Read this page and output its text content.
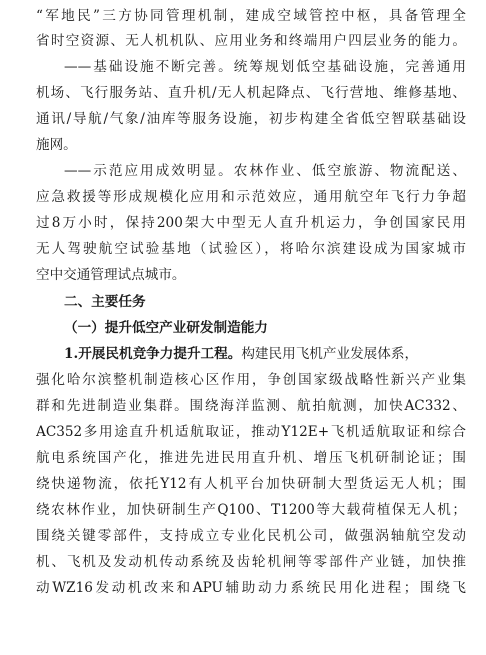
“军地民”三方协同管理机制，建成空域管控中枢，具备管理全
省时空资源、无人机机队、应用业务和终端用户四层业务的能力。
——基础设施不断完善。统筹规划低空基础设施，完善通用
机场、飞行服务站、直升机/无人机起降点、飞行营地、维修基地、
通讯/导航/气象/油库等服务设施，初步构建全省低空智联基础设
施网。
——示范应用成效明显。农林作业、低空旅游、物流配送、
应急救援等形成规模化应用和示范效应，通用航空年飞行力争超
过8万小时，保持200架大中型无人直升机运力，争创国家民用
无人驾驶航空试验基地（试验区），将哈尔滨建设成为国家城市
空中交通管理试点城市。
二、主要任务
（一）提升低空产业研发制造能力
1.开展民机竞争力提升工程。构建民用飞机产业发展体系，
强化哈尔滨整机制造核心区作用，争创国家级战略性新兴产业集
群和先进制造业集群。围绕海洋监测、航拍航测，加快AC332、
AC352多用途直升机适航取证，推动Y12E+飞机适航取证和综合
航电系统国产化，推进先进民用直升机、增压飞机研制论证；围
绕快递物流，依托Y12有人机平台加快研制大型货运无人机；围
绕农林作业，加快研制生产Q100、T1200等大载荷植保无人机；
围绕关键零部件，支持成立专业化民机公司，做强涡轴航空发动
机、飞机及发动机传动系统及齿轮机闸等零部件产业链，加快推
动WZ16发动机改来和APU辅助动力系统民用化进程；围绕飞
